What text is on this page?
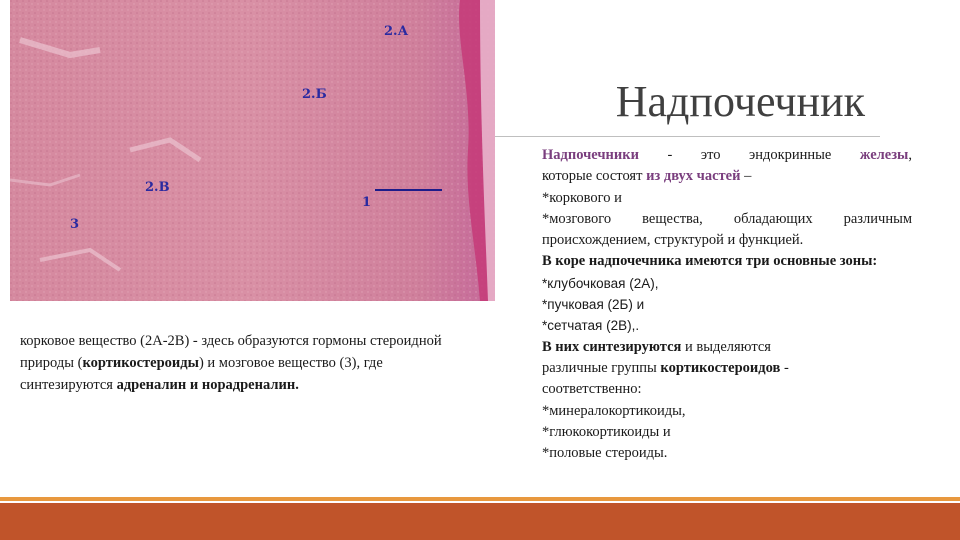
2.А
2.Б
2.В
3
1
Надпочечник

Надпочечники - это эндокринные железы,

которые состоят из двух частей –

*коркового и

*мозгового вещества, обладающих различным

происхождением, структурой и функцией.

В коре надпочечника имеются три основные зоны:

*клубочковая (2А),

*пучковая (2Б) и

*сетчатая (2В),.

В них синтезируются и выделяются

различные группы кортикостероидов -

соответственно:

*минералокортикоиды,

*глюкокортикоиды и

*половые стероиды.

корковое вещество (2А-2В) - здесь образуются гормоны стероидной природы (кортикостероиды) и мозговое вещество (3), где синтезируются адреналин и норадреналин.
